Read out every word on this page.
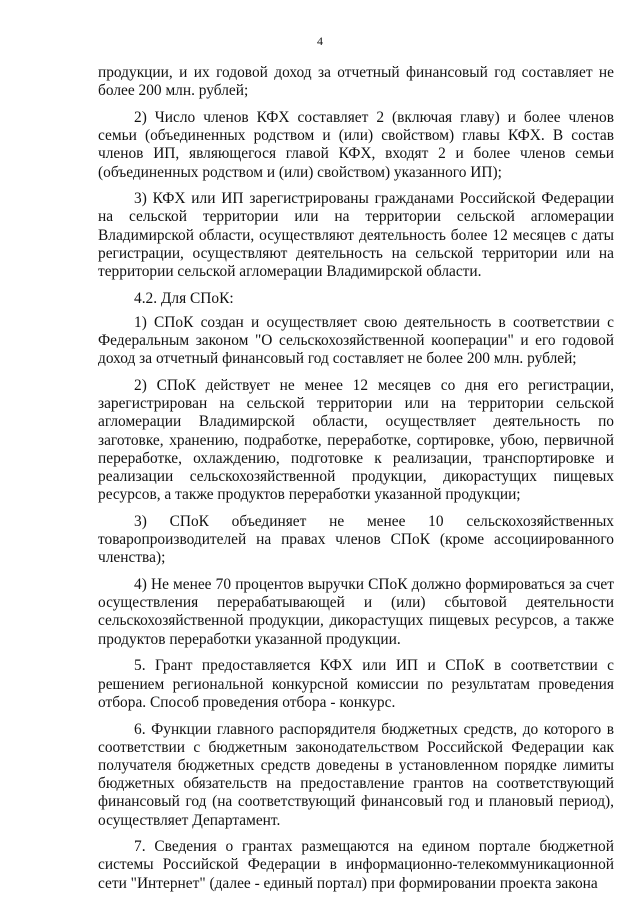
4

продукции, и их годовой доход за отчетный финансовый год составляет не более 200 млн. рублей;

2) Число членов КФХ составляет 2 (включая главу) и более членов семьи (объединенных родством и (или) свойством) главы КФХ. В состав членов ИП, являющегося главой КФХ, входят 2 и более членов семьи (объединенных родством и (или) свойством) указанного ИП);

3) КФХ или ИП зарегистрированы гражданами Российской Федерации на сельской территории или на территории сельской агломерации Владимирской области, осуществляют деятельность более 12 месяцев с даты регистрации, осуществляют деятельность на сельской территории или на территории сельской агломерации Владимирской области.

4.2. Для СПоК:

1) СПоК создан и осуществляет свою деятельность в соответствии с Федеральным законом "О сельскохозяйственной кооперации" и его годовой доход за отчетный финансовый год составляет не более 200 млн. рублей;

2) СПоК действует не менее 12 месяцев со дня его регистрации, зарегистрирован на сельской территории или на территории сельской агломерации Владимирской области, осуществляет деятельность по заготовке, хранению, подработке, переработке, сортировке, убою, первичной переработке, охлаждению, подготовке к реализации, транспортировке и реализации сельскохозяйственной продукции, дикорастущих пищевых ресурсов, а также продуктов переработки указанной продукции;

3) СПоК объединяет не менее 10 сельскохозяйственных товаропроизводителей на правах членов СПоК (кроме ассоциированного членства);

4) Не менее 70 процентов выручки СПоК должно формироваться за счет осуществления перерабатывающей и (или) сбытовой деятельности сельскохозяйственной продукции, дикорастущих пищевых ресурсов, а также продуктов переработки указанной продукции.

5. Грант предоставляется КФХ или ИП и СПоК в соответствии с решением региональной конкурсной комиссии по результатам проведения отбора. Способ проведения отбора - конкурс.

6. Функции главного распорядителя бюджетных средств, до которого в соответствии с бюджетным законодательством Российской Федерации как получателя бюджетных средств доведены в установленном порядке лимиты бюджетных обязательств на предоставление грантов на соответствующий финансовый год (на соответствующий финансовый год и плановый период), осуществляет Департамент.

7. Сведения о грантах размещаются на едином портале бюджетной системы Российской Федерации в информационно-телекоммуникационной сети "Интернет" (далее - единый портал) при формировании проекта закона
